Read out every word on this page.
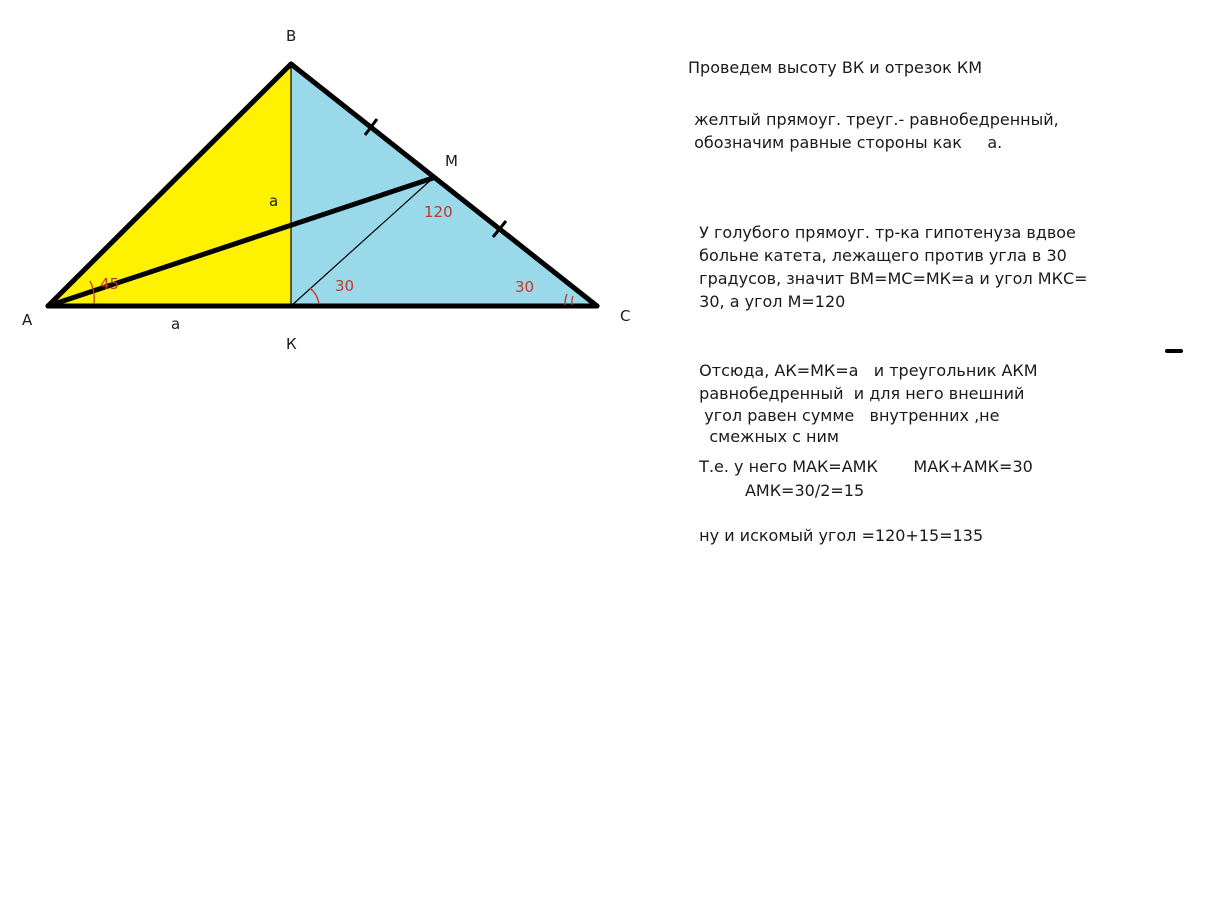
B
M
A	C
К
a
a
45
120
30	30
Проведем высоту ВК и отрезок КМ
желтый прямоуг. треуг.- равнобедренный,
обозначим равные стороны как     а.
У голубого прямоуг. тр-ка гипотенуза вдвое
больне катета, лежащего против угла в 30
градусов, значит ВМ=МС=МК=а и угол МКС=
30, а угол М=120
Отсюда, АК=МК=а   и треугольник АКМ
равнобедренный  и для него внешний
угол равен сумме   внутренних ,не
смежных с ним
Т.е. у него МАК=АМК       МАК+АМК=30
АМК=30/2=15
ну и искомый угол =120+15=135
